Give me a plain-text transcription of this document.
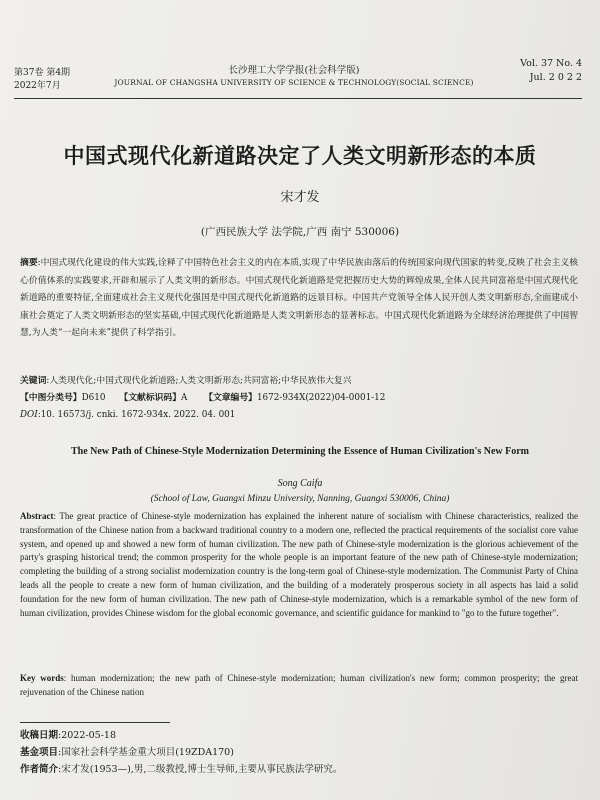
第37卷 第4期
2022年7月
长沙理工大学学报(社会科学版)
JOURNAL OF CHANGSHA UNIVERSITY OF SCIENCE & TECHNOLOGY(SOCIAL SCIENCE)
Vol. 37 No. 4
Jul. 2 0 2 2
中国式现代化新道路决定了人类文明新形态的本质
宋才发
(广西民族大学 法学院,广西 南宁 530006)
摘要:中国式现代化建设的伟大实践,诠释了中国特色社会主义的内在本质,实现了中华民族由落后的传统国家向现代国家的转变,反映了社会主义核心价值体系的实践要求,开辟和展示了人类文明的新形态。中国式现代化新道路是党把握历史大势的辉煌成果,全体人民共同富裕是中国式现代化新道路的重要特征,全面建成社会主义现代化强国是中国式现代化新道路的远景目标。中国共产党领导全体人民开创人类文明新形态,全面建成小康社会奠定了人类文明新形态的坚实基础,中国式现代化新道路是人类文明新形态的显著标志。中国式现代化新道路为全球经济治理提供了中国智慧,为人类“一起向未来”提供了科学指引。
关键词:人类现代化;中国式现代化新道路;人类文明新形态;共同富裕;中华民族伟大复兴
【中图分类号】D610 【文献标识码】A 【文章编号】1672-934X(2022)04-0001-12
DOI:10. 16573/j. cnki. 1672-934x. 2022. 04. 001
The New Path of Chinese-Style Modernization Determining the Essence of Human Civilization's New Form
Song Caifa
(School of Law, Guangxi Minzu University, Nanning, Guangxi 530006, China)
Abstract: The great practice of Chinese-style modernization has explained the inherent nature of socialism with Chinese characteristics, realized the transformation of the Chinese nation from a backward traditional country to a modern one, reflected the practical requirements of the socialist core value system, and opened up and showed a new form of human civilization. The new path of Chinese-style modernization is the glorious achievement of the party's grasping historical trend; the common prosperity for the whole people is an important feature of the new path of Chinese-style modernization; completing the building of a strong socialist modernization country is the long-term goal of Chinese-style modernization. The Communist Party of China leads all the people to create a new form of human civilization, and the building of a moderately prosperous society in all aspects has laid a solid foundation for the new form of human civilization. The new path of Chinese-style modernization, which is a remarkable symbol of the new form of human civilization, provides Chinese wisdom for the global economic governance, and scientific guidance for mankind to "go to the future together".
Key words: human modernization; the new path of Chinese-style modernization; human civilization's new form; common prosperity; the great rejuvenation of the Chinese nation
收稿日期:2022-05-18
基金项目:国家社会科学基金重大项目(19ZDA170)
作者简介:宋才发(1953—),男,二级教授,博士生导师,主要从事民族法学研究。
